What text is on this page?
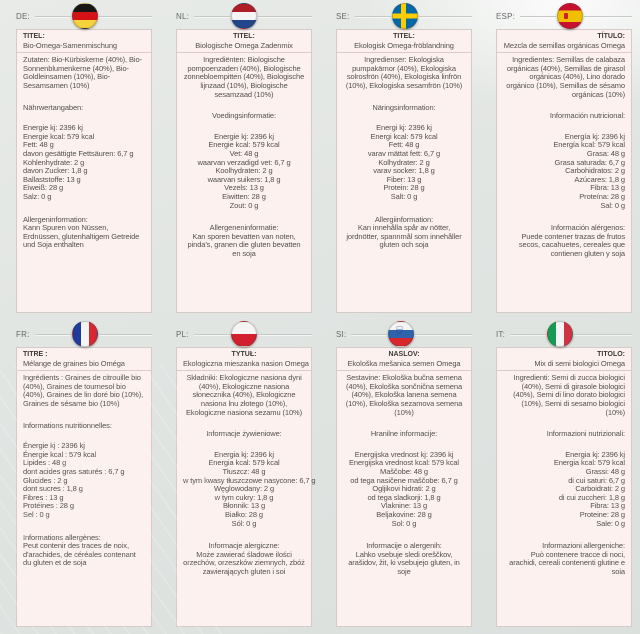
DE:
TITEL:
Bio-Omega-Samenmischung
Zutaten: Bio-Kürbiskerne (40%), Bio-Sonnenblumenkerne (40%), Bio-Goldleinsamen (10%), Bio-Sesamsamen (10%)
Nährwertangaben:
Energie kj: 2396 kj
Energie kcal: 579 kcal
Fett: 48 g
davon gesättigte Fettsäuren: 6,7 g
Kohlenhydrate: 2 g
davon Zucker: 1,8 g
Ballaststoffe: 13 g
Eiweiß: 28 g
Salz: 0 g
Allergeninformation:
Kann Spuren von Nüssen, Erdnüssen, glutenhaltigem Getreide und Soja enthalten
NL:
TITEL:
Biologische Omega Zadenmix
Ingrediënten: Biologische pompoenzaden (40%), Biologische zonnebloempitten (40%), Biologische lijnzaad (10%), Biologische sesamzaad (10%)
Voedingsinformatie:
Energie kj: 2396 kj
Energie kcal: 579 kcal
Vet: 48 g
waarvan verzadigd vet: 6,7 g
Koolhydraten: 2 g
waarvan suikers: 1,8 g
Vezels: 13 g
Eiwitten: 28 g
Zout: 0 g
Allergeneninformatie:
Kan sporen bevatten van noten, pinda's, granen die gluten bevatten en soja
SE:
TITEL:
Ekologisk Omega-fröblandning
Ingredienser: Ekologiska pumpakärnor (40%), Ekologiska solrosfrön (40%), Ekologiska linfrön (10%), Ekologiska sesamfrön (10%)
Näringsinformation:
Energi kj: 2396 kj
Energi kcal: 579 kcal
Fett: 48 g
varav mättat fett: 6,7 g
Kolhydrater: 2 g
varav socker: 1,8 g
Fiber: 13 g
Protein: 28 g
Salt: 0 g
Allergiinformation:
Kan innehålla spår av nötter, jordnötter, spannmål som innehåller gluten och soja
ESP:
TÍTULO:
Mezcla de semillas orgánicas Omega
Ingredientes: Semillas de calabaza orgánicas (40%), Semillas de girasol orgánicas (40%), Lino dorado orgánico (10%), Semillas de sésamo orgánicas (10%)
Información nutricional:
Energía kj: 2396 kj
Energía kcal: 579 kcal
Grasa: 48 g
Grasa saturada: 6,7 g
Carbohidratos: 2 g
Azúcares: 1,8 g
Fibra: 13 g
Proteína: 28 g
Sal: 0 g
Información alérgenos:
Puede contener trazas de frutos secos, cacahuetes, cereales que contienen gluten y soja
FR:
TITRE :
Mélange de graines bio Oméga
Ingrédients : Graines de citrouille bio (40%), Graines de tournesol bio (40%), Graines de lin doré bio (10%), Graines de sésame bio (10%)
Informations nutritionnelles:
Énergie kj : 2396 kj
Énergie kcal : 579 kcal
Lipides : 48 g
dont acides gras saturés : 6,7 g
Glucides : 2 g
dont sucres : 1,8 g
Fibres : 13 g
Protéines : 28 g
Sel : 0 g
Informations allergènes:
Peut contenir des traces de noix, d'arachides, de céréales contenant du gluten et de soja
PL:
TYTUŁ:
Ekologiczna mieszanka nasion Omega
Składniki: Ekologiczne nasiona dyni (40%), Ekologiczne nasiona słonecznika (40%), Ekologiczne nasiona lnu złotego (10%), Ekologiczne nasiona sezamu (10%)
Informacje żywieniowe:
Energia kj: 2396 kj
Energia kcal: 579 kcal
Tłuszcz: 48 g
w tym kwasy tłuszczowe nasycone: 6,7 g
Węglowodany: 2 g
w tym cukry: 1,8 g
Błonnik: 13 g
Białko: 28 g
Sól: 0 g
Informacje alergiczne:
Może zawierać śladowe ilości orzechów, orzeszków ziemnych, zbóż zawierających gluten i soi
SI:
NASLOV:
Ekološka mešanica semen Omega
Sestavine: Ekološka bučna semena (40%), Ekološka sončnična semena (40%), Ekološka lanena semena (10%), Ekološka sezamova semena (10%)
Hranilne informacije:
Energijska vrednost kj: 2396 kj
Energijska vrednost kcal: 579 kcal
Maščobe: 48 g
od tega nasičene maščobe: 6,7 g
Ogljikovi hidrati: 2 g
od tega sladkorji: 1,8 g
Vlaknine: 13 g
Beljakovine: 28 g
Sol: 0 g
Informacije o alergenih:
Lahko vsebuje sledi oreščkov, arašidov, žit, ki vsebujejo gluten, in soje
IT:
TITOLO:
Mix di semi biologici Omega
Ingredienti: Semi di zucca biologici (40%), Semi di girasole biologici (40%), Semi di lino dorato biologici (10%), Semi di sesamo biologici (10%)
Informazioni nutrizionali:
Energia kj: 2396 kj
Energia kcal: 579 kcal
Grassi: 48 g
di cui saturi: 6,7 g
Carboidrati: 2 g
di cui zuccheri: 1,8 g
Fibra: 13 g
Proteine: 28 g
Sale: 0 g
Informazioni allergeniche:
Può contenere tracce di noci, arachidi, cereali contenenti glutine e soia
